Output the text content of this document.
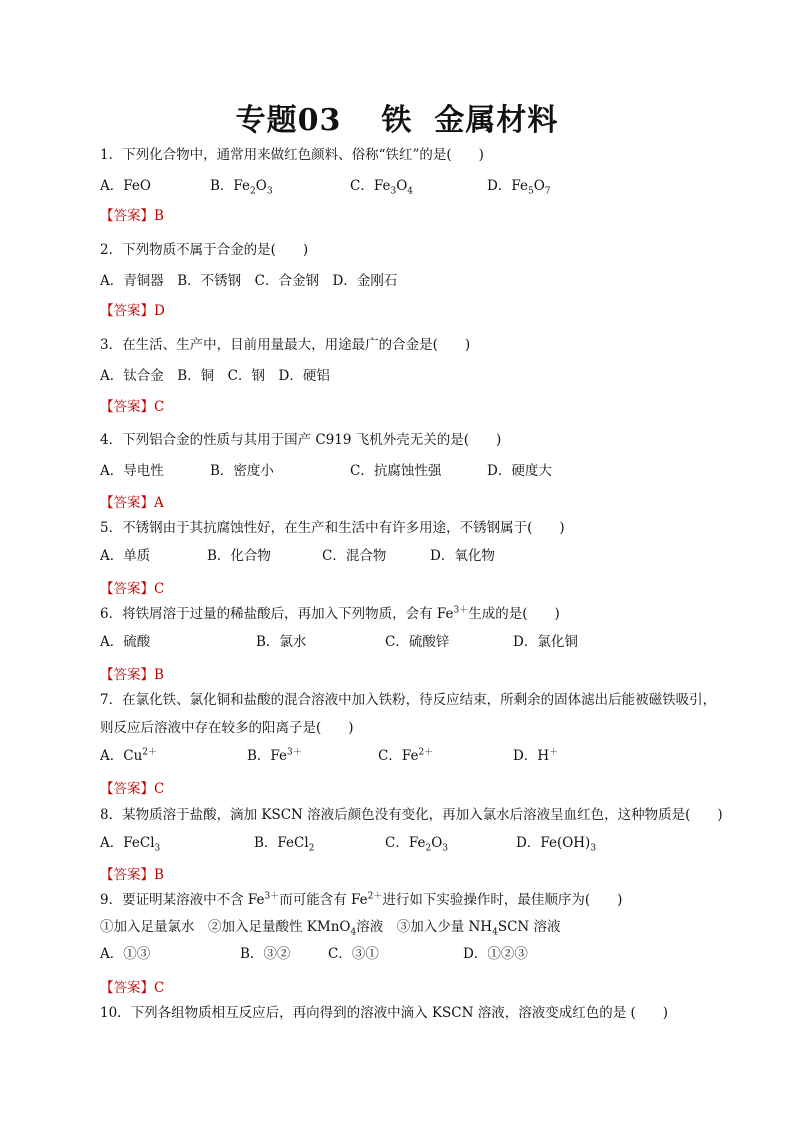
专题03 铁 金属材料
1．下列化合物中，通常用来做红色颜料、俗称“铁红”的是(　　)
A．FeO	B．$Fe_2O_3$	C．$Fe_3O_4$	D．$Fe_5O_7$
【答案】B
2．下列物质不属于合金的是(　　)
A．青铜器　B．不锈钢　C．合金钢　D．金刚石
【答案】D
3．在生活、生产中，目前用量最大，用途最广的合金是(　　)
A．钛合金　B．铜　C．钢　D．硬铝
【答案】C
4．下列铝合金的性质与其用于国产 C919 飞机外壳无关的是(　　)
A．导电性	B．密度小	C．抗腐蚀性强	D．硬度大
【答案】A
5．不锈钢由于其抗腐蚀性好，在生产和生活中有许多用途，不锈钢属于(　　)
A．单质	B．化合物	C．混合物	D．氧化物
【答案】C
6．将铁屑溶于过量的稀盐酸后，再加入下列物质，会有 $Fe^{3+}$生成的是(　　)
A．硫酸	B．氯水	C．硫酸锌	D．氯化铜
【答案】B
7．在氯化铁、氯化铜和盐酸的混合溶液中加入铁粉，待反应结束，所剩余的固体滤出后能被磁铁吸引，
则反应后溶液中存在较多的阳离子是(　　)
A．$Cu^{2+}$	B．$Fe^{3+}$	C．$Fe^{2+}$	D．H＋
【答案】C
8．某物质溶于盐酸，滴加 KSCN 溶液后颜色没有变化，再加入氯水后溶液呈血红色，这种物质是(　　)
A．FeCl$_3$	B．FeCl$_2$	C．$Fe_2O_3$	D．$Fe(OH)_3$
【答案】B
9．要证明某溶液中不含 $Fe^{3+}$而可能含有 $Fe^{2+}$进行如下实验操作时，最佳顺序为(　　)
①加入足量氯水　②加入足量酸性 KMnO$_4$溶液　③加入少量 $NH_4SCN$ 溶液
A．①③	B．③②	C．③①	D．①②③
【答案】C
10．下列各组物质相互反应后，再向得到的溶液中滴入 KSCN 溶液，溶液变成红色的是 (　　)
